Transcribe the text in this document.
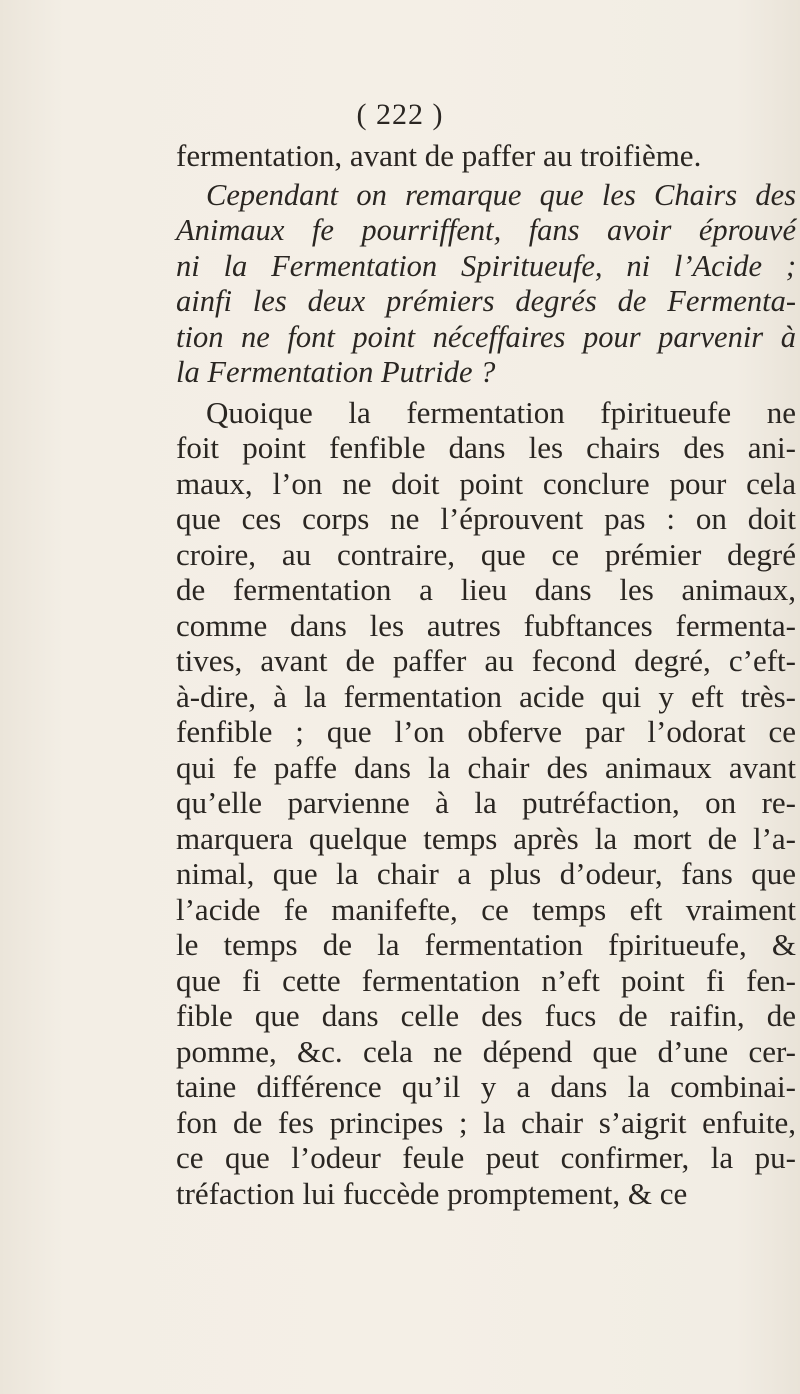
( 222 )
fermentation, avant de paffer au troifième.
Cependant on remarque que les Chairs des
Animaux fe pourriffent, fans avoir éprouvé
ni la Fermentation Spiritueufe, ni l’Acide ;
ainfi les deux prémiers degrés de Fermenta-
tion ne font point néceffaires pour parvenir à
la Fermentation Putride ?
Quoique la fermentation fpiritueufe ne
foit point fenfible dans les chairs des ani-
maux, l’on ne doit point conclure pour cela
que ces corps ne l’éprouvent pas : on doit
croire, au contraire, que ce prémier degré
de fermentation a lieu dans les animaux,
comme dans les autres fubftances fermenta-
tives, avant de paffer au fecond degré, c’eft-
à-dire, à la fermentation acide qui y eft très-
fenfible ; que l’on obferve par l’odorat ce
qui fe paffe dans la chair des animaux avant
qu’elle parvienne à la putréfaction, on re-
marquera quelque temps après la mort de l’a-
nimal, que la chair a plus d’odeur, fans que
l’acide fe manifefte, ce temps eft vraiment
le temps de la fermentation fpiritueufe, &
que fi cette fermentation n’eft point fi fen-
fible que dans celle des fucs de raifin, de
pomme, &c. cela ne dépend que d’une cer-
taine différence qu’il y a dans la combinai-
fon de fes principes ; la chair s’aigrit enfuite,
ce que l’odeur feule peut confirmer, la pu-
tréfaction lui fuccède promptement, & ce
